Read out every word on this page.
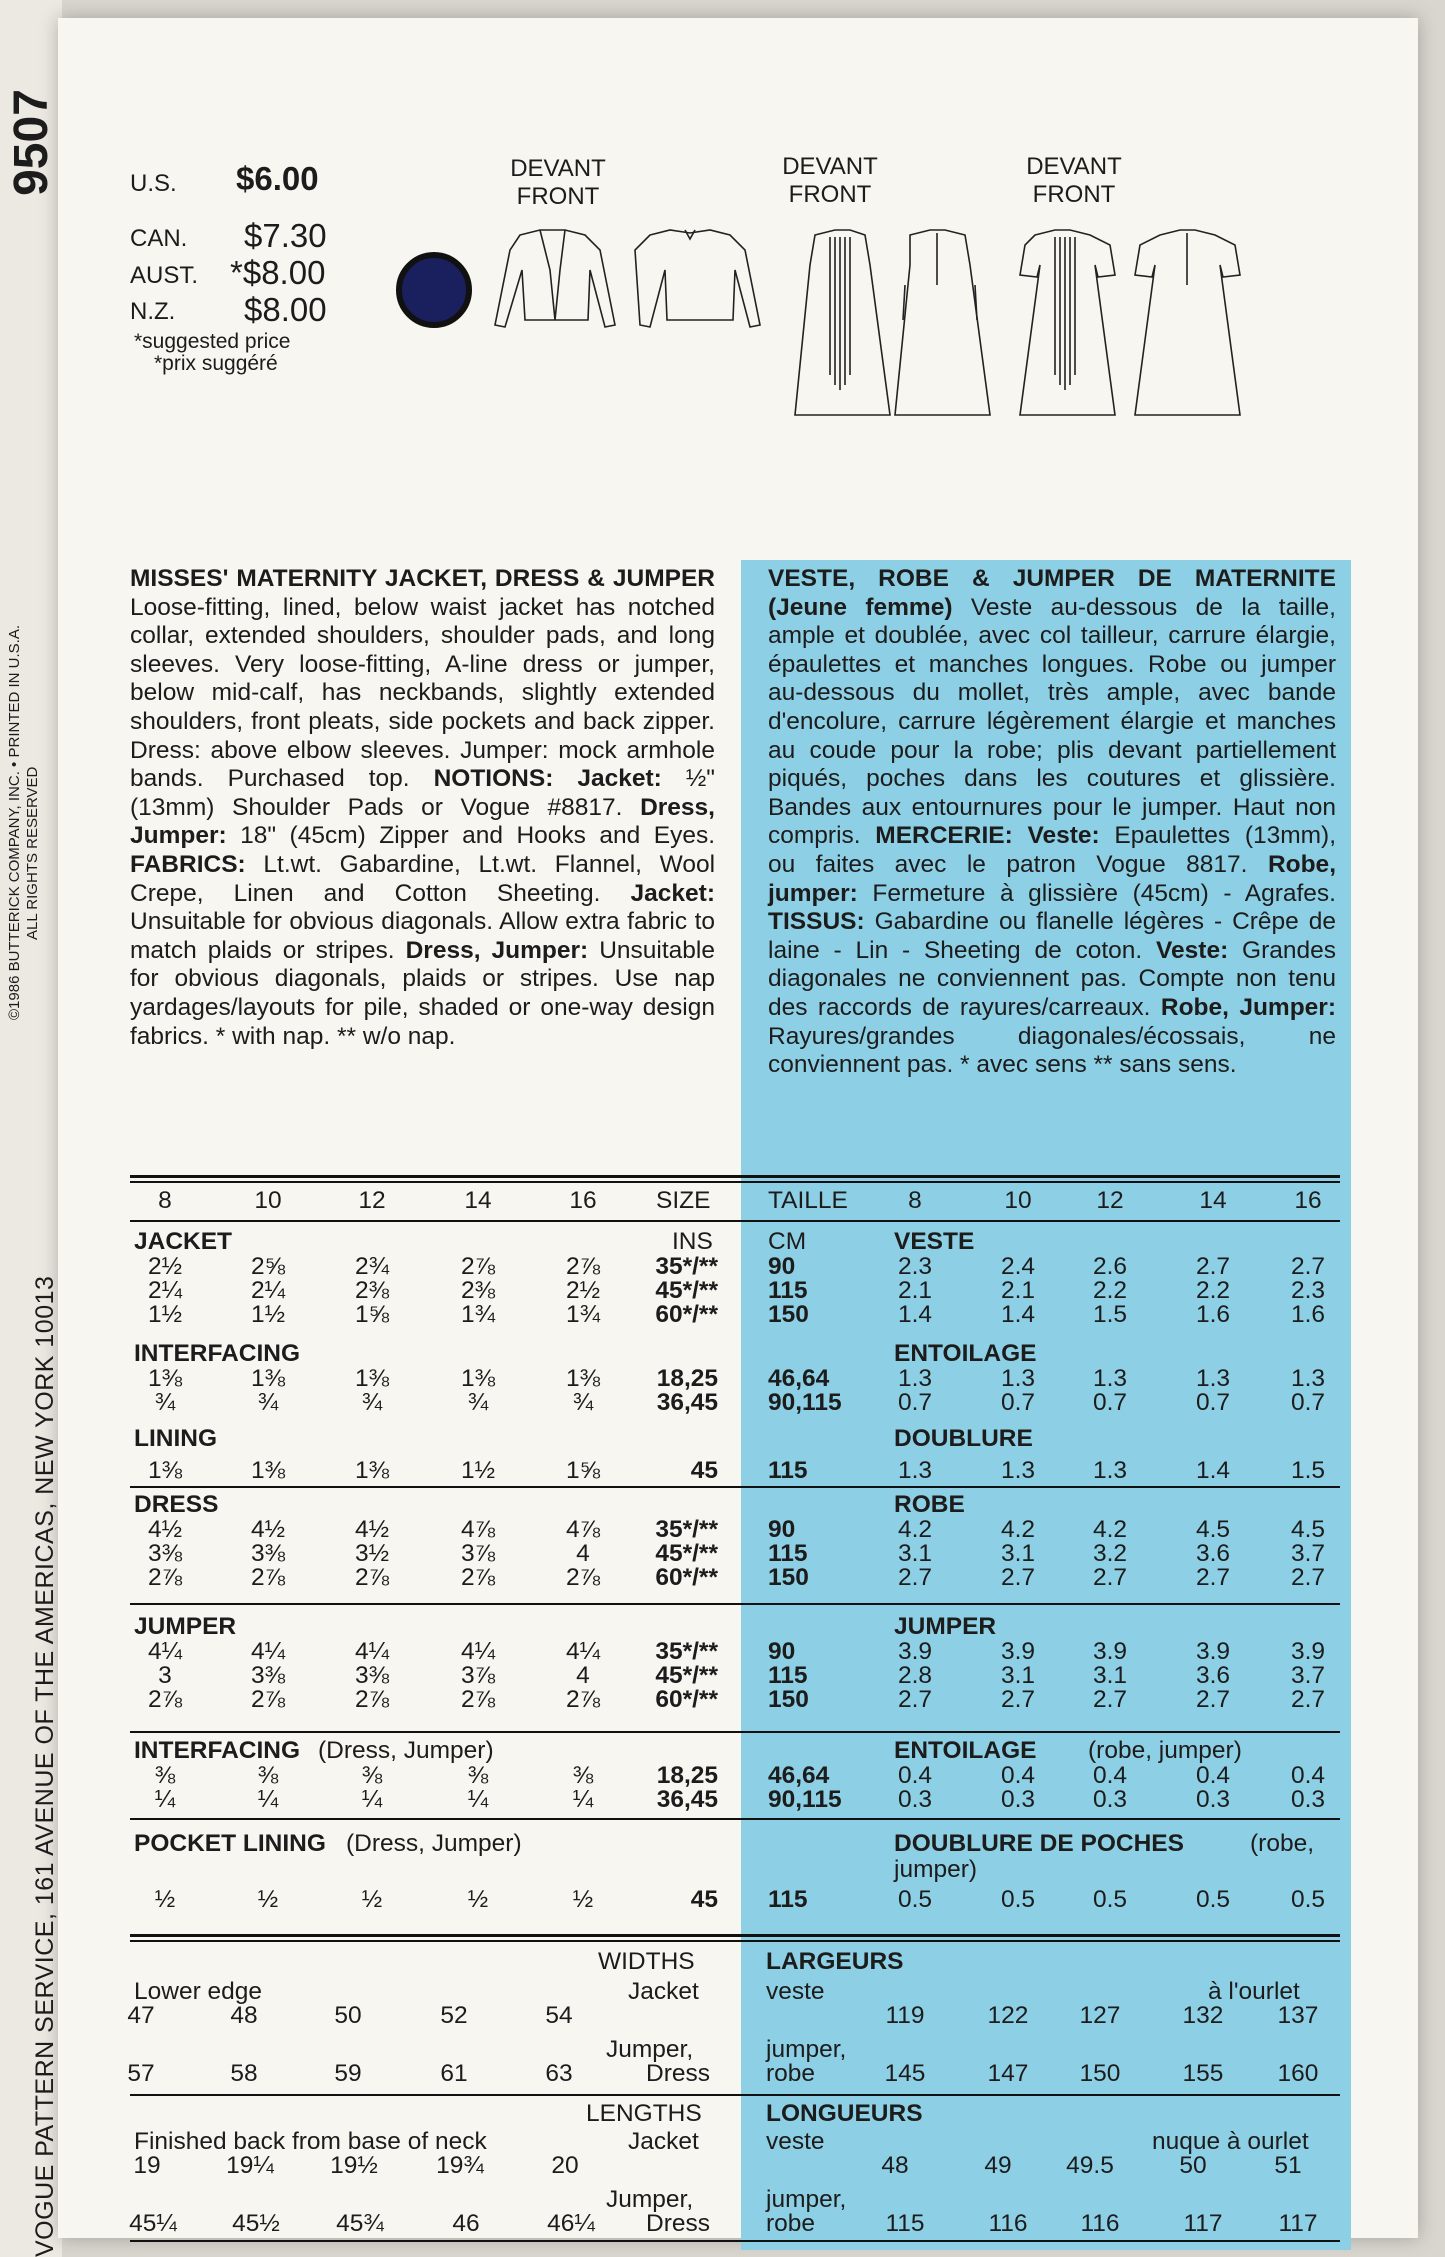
9507
VOGUE PATTERN SERVICE, 161 AVENUE OF THE AMERICAS, NEW YORK 10013
©1986 BUTTERICK COMPANY, INC. • PRINTED IN U.S.A. ALL RIGHTS RESERVED
U.S. $6.00
CAN. $7.30
AUST. *$8.00
N.Z. $8.00
*suggested price
*prix suggéré
DEVANT
FRONT
DEVANT
FRONT
DEVANT
FRONT
MISSES' MATERNITY JACKET, DRESS & JUMPER Loose-fitting, lined, below waist jacket has notched collar, extended shoulders, shoulder pads, and long sleeves. Very loose-fitting, A-line dress or jumper, below mid-calf, has neckbands, slightly extended shoulders, front pleats, side pockets and back zipper. Dress: above elbow sleeves. Jumper: mock armhole bands. Purchased top. NOTIONS: Jacket: ½" (13mm) Shoulder Pads or Vogue #8817. Dress, Jumper: 18" (45cm) Zipper and Hooks and Eyes. FABRICS: Lt.wt. Gabardine, Lt.wt. Flannel, Wool Crepe, Linen and Cotton Sheeting. Jacket: Unsuitable for obvious diagonals. Allow extra fabric to match plaids or stripes. Dress, Jumper: Unsuitable for obvious diagonals, plaids or stripes. Use nap yardages/layouts for pile, shaded or one-way design fabrics. * with nap. ** w/o nap.
VESTE, ROBE & JUMPER DE MATERNITE (Jeune femme) Veste au-dessous de la taille, ample et doublée, avec col tailleur, carrure élargie, épaulettes et manches longues. Robe ou jumper au-dessous du mollet, très ample, avec bande d'encolure, carrure légèrement élargie et manches au coude pour la robe; plis devant partiellement piqués, poches dans les coutures et glissière. Bandes aux entournures pour le jumper. Haut non compris. MERCERIE: Veste: Epaulettes (13mm), ou faites avec le patron Vogue 8817. Robe, jumper: Fermeture à glissière (45cm) - Agrafes. TISSUS: Gabardine ou flanelle légères - Crêpe de laine - Lin - Sheeting de coton. Veste: Grandes diagonales ne conviennent pas. Compte non tenu des raccords de rayures/carreaux. Robe, Jumper: Rayures/grandes diagonales/écossais, ne conviennent pas. * avec sens ** sans sens.
8	8
10	10
12	12
14	14
16	16
SIZE TAILLE
JACKET	VESTE
INS CM
2½	2⅝	2¾	2⅞	2⅞	35*/** 90	2.3	2.4	2.6	2.7	2.7
2¼	2¼	2⅜	2⅜	2½	45*/** 115	2.1	2.1	2.2	2.2	2.3
1½	1½	1⅝	1¾	1¾	60*/** 150	1.4	1.4	1.5	1.6	1.6
INTERFACING	ENTOILAGE
1⅜	1⅜	1⅜	1⅜	1⅜	18,25 46,64	1.3	1.3	1.3	1.3	1.3
¾	¾	¾	¾	¾	36,45 90,115	0.7	0.7	0.7	0.7	0.7
LINING	DOUBLURE
1⅜	1⅜	1⅜	1½	1⅝	45 115	1.3	1.3	1.3	1.4	1.5
DRESS	ROBE
4½	4½	4½	4⅞	4⅞	35*/** 90	4.2	4.2	4.2	4.5	4.5
3⅜	3⅜	3½	3⅞	4	45*/** 115	3.1	3.1	3.2	3.6	3.7
2⅞	2⅞	2⅞	2⅞	2⅞	60*/** 150	2.7	2.7	2.7	2.7	2.7
JUMPER	JUMPER
4¼	4¼	4¼	4¼	4¼	35*/** 90	3.9	3.9	3.9	3.9	3.9
3	3⅜	3⅜	3⅞	4	45*/** 115	2.8	3.1	3.1	3.6	3.7
2⅞	2⅞	2⅞	2⅞	2⅞	60*/** 150	2.7	2.7	2.7	2.7	2.7
INTERFACING (Dress, Jumper)	ENTOILAGE (robe, jumper)
⅜	⅜	⅜	⅜	⅜	18,25 46,64	0.4	0.4	0.4	0.4	0.4
¼	¼	¼	¼	¼	36,45 90,115	0.3	0.3	0.3	0.3	0.3
POCKET LINING (Dress, Jumper)	DOUBLURE DE POCHES	(robe,
jumper)
½	½	½	½	½	45 115	0.5	0.5	0.5	0.5	0.5
WIDTHS	LARGEURS
Lower edge	Jacket	veste	à l'ourlet
47	48	50	52	54	119	122	127	132	137
Jumper,
Dress
jumper,
robe
57	58	59	61	63	145	147	150	155	160
LENGTHS	LONGUEURS
Finished back from base of neck	Jacket	veste	nuque à ourlet
19	19¼	19½	19¾	20	48	49	49.5	50	51
Jumper,
Dress
jumper,
robe
45¼	45½	45¾	46	46¼	115	116	116	117	117
